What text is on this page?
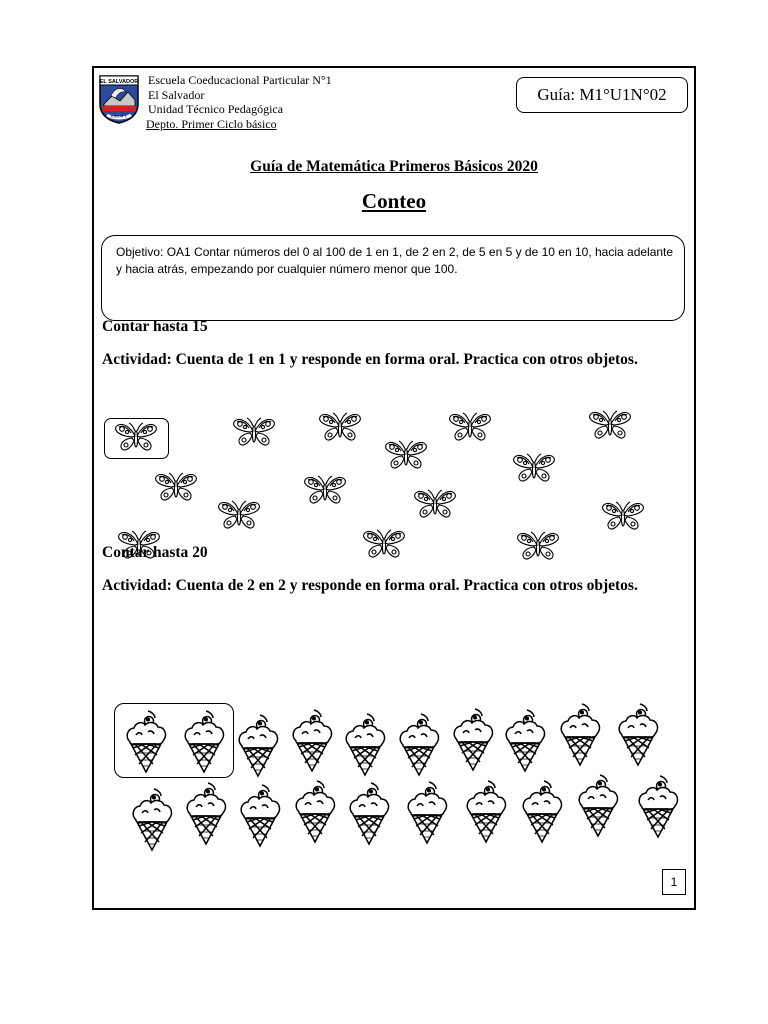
EL SALVADOR
ESC N°1
Escuela Coeducacional Particular N°1
El Salvador
Unidad Técnico Pedagógica
Depto. Primer Ciclo básico
Guía: M1°U1N°02
Guía de Matemática Primeros Básicos 2020
Conteo
Objetivo: OA1 Contar números del 0 al 100 de 1 en 1, de 2 en 2, de 5 en 5 y de 10 en 10, hacia adelante y hacia atrás, empezando por cualquier número menor que 100.
Contar hasta 15
Actividad: Cuenta de 1 en 1 y responde en forma oral. Practica con otros objetos.
Contar hasta 20
Actividad: Cuenta de 2 en 2 y responde en forma oral. Practica con otros objetos.
1
